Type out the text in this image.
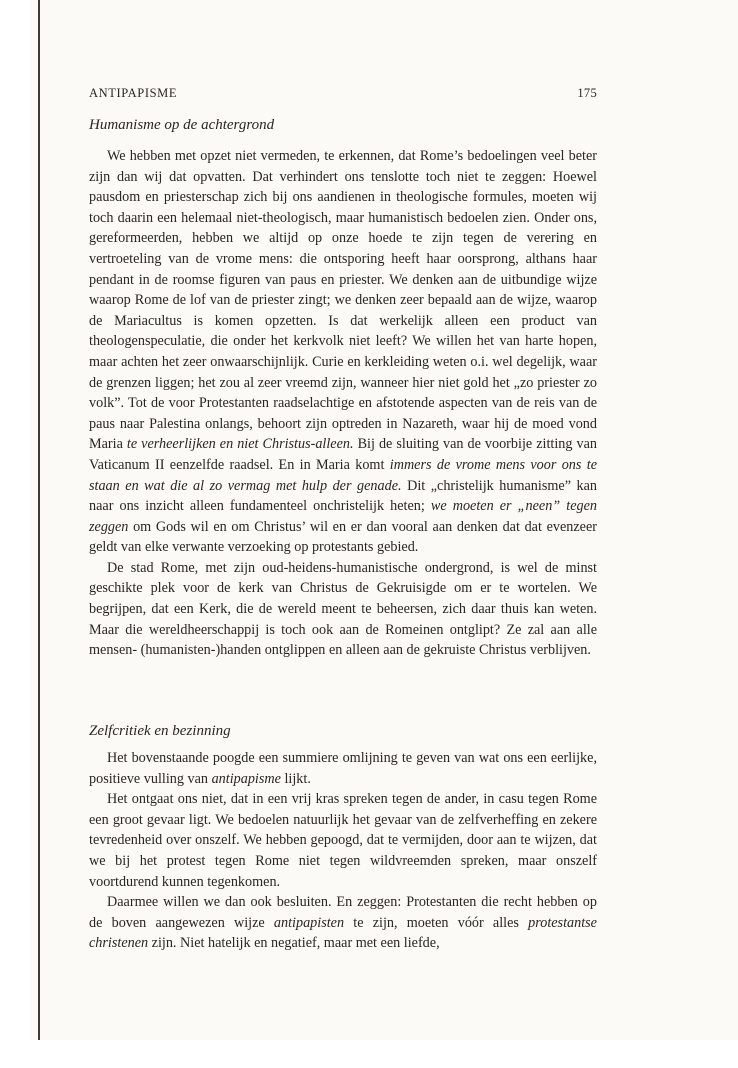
ANTIPAPISME	175
Humanisme op de achtergrond

We hebben met opzet niet vermeden, te erkennen, dat Rome’s bedoelingen veel beter zijn dan wij dat opvatten. Dat verhindert ons tenslotte toch niet te zeggen: Hoewel pausdom en priesterschap zich bij ons aandienen in theologische formules, moeten wij toch daarin een helemaal niet-theologisch, maar humanistisch bedoelen zien. Onder ons, gereformeerden, hebben we altijd op onze hoede te zijn tegen de verering en vertroeteling van de vrome mens: die ontsporing heeft haar oorsprong, althans haar pendant in de roomse figuren van paus en priester. We denken aan de uitbundige wijze waarop Rome de lof van de priester zingt; we denken zeer bepaald aan de wijze, waarop de Mariacultus is komen opzetten. Is dat werkelijk alleen een product van theologenspeculatie, die onder het kerkvolk niet leeft? We willen het van harte hopen, maar achten het zeer onwaarschijnlijk. Curie en kerkleiding weten o.i. wel degelijk, waar de grenzen liggen; het zou al zeer vreemd zijn, wanneer hier niet gold het „zo priester zo volk”. Tot de voor Protestanten raadselachtige en afstotende aspecten van de reis van de paus naar Palestina onlangs, behoort zijn optreden in Nazareth, waar hij de moed vond Maria te verheerlijken en niet Christus-alleen. Bij de sluiting van de voorbije zitting van Vaticanum II eenzelfde raadsel. En in Maria komt immers de vrome mens voor ons te staan en wat die al zo vermag met hulp der genade. Dit „christelijk humanisme” kan naar ons inzicht alleen fundamenteel onchristelijk heten; we moeten er „neen” tegen zeggen om Gods wil en om Christus’ wil en er dan vooral aan denken dat dat evenzeer geldt van elke verwante verzoeking op protestants gebied.

De stad Rome, met zijn oud-heidens-humanistische ondergrond, is wel de minst geschikte plek voor de kerk van Christus de Gekruisigde om er te wortelen. We begrijpen, dat een Kerk, die de wereld meent te beheersen, zich daar thuis kan weten. Maar die wereldheerschappij is toch ook aan de Romeinen ontglipt? Ze zal aan alle mensen- (humanisten-)handen ontglippen en alleen aan de gekruiste Christus verblijven.

Zelfcritiek en bezinning

Het bovenstaande poogde een summiere omlijning te geven van wat ons een eerlijke, positieve vulling van antipapisme lijkt.

Het ontgaat ons niet, dat in een vrij kras spreken tegen de ander, in casu tegen Rome een groot gevaar ligt. We bedoelen natuurlijk het gevaar van de zelfverheffing en zekere tevredenheid over onszelf. We hebben gepoogd, dat te vermijden, door aan te wijzen, dat we bij het protest tegen Rome niet tegen wildvreemden spreken, maar onszelf voortdurend kunnen tegenkomen.

Daarmee willen we dan ook besluiten. En zeggen: Protestanten die recht hebben op de boven aangewezen wijze antipapisten te zijn, moeten vóór alles protestantse christenen zijn. Niet hatelijk en negatief, maar met een liefde,
